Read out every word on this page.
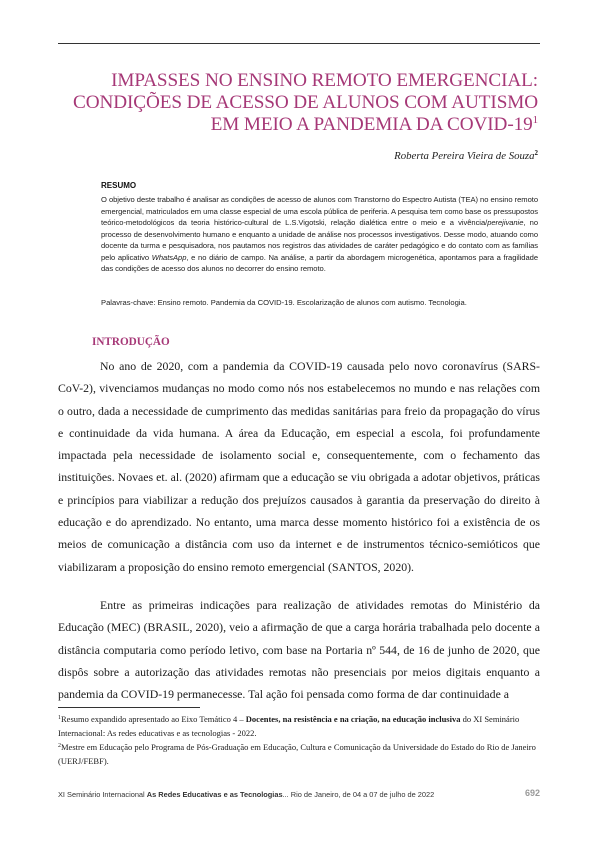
IMPASSES NO ENSINO REMOTO EMERGENCIAL: CONDIÇÕES DE ACESSO DE ALUNOS COM AUTISMO EM MEIO A PANDEMIA DA COVID-$19^1$
Roberta Pereira Vieira de Souza$^2$
RESUMO
O objetivo deste trabalho é analisar as condições de acesso de alunos com Transtorno do Espectro Autista (TEA) no ensino remoto emergencial, matriculados em uma classe especial de uma escola pública de periferia. A pesquisa tem como base os pressupostos teórico-metodológicos da teoria histórico-cultural de L.S.Vigotski, relação dialética entre o meio e a vivência/perejivanie, no processo de desenvolvimento humano e enquanto a unidade de análise nos processos investigativos. Desse modo, atuando como docente da turma e pesquisadora, nos pautamos nos registros das atividades de caráter pedagógico e do contato com as famílias pelo aplicativo WhatsApp, e no diário de campo. Na análise, a partir da abordagem microgenética, apontamos para a fragilidade das condições de acesso dos alunos no decorrer do ensino remoto.
Palavras-chave: Ensino remoto. Pandemia da COVID-19. Escolarização de alunos com autismo. Tecnologia.
INTRODUÇÃO

No ano de 2020, com a pandemia da COVID-19 causada pelo novo coronavírus (SARS-CoV-2), vivenciamos mudanças no modo como nós nos estabelecemos no mundo e nas relações com o outro, dada a necessidade de cumprimento das medidas sanitárias para freio da propagação do vírus e continuidade da vida humana. A área da Educação, em especial a escola, foi profundamente impactada pela necessidade de isolamento social e, consequentemente, com o fechamento das instituições. Novaes et. al. (2020) afirmam que a educação se viu obrigada a adotar objetivos, práticas e princípios para viabilizar a redução dos prejuízos causados à garantia da preservação do direito à educação e do aprendizado. No entanto, uma marca desse momento histórico foi a existência de os meios de comunicação a distância com uso da internet e de instrumentos técnico-semióticos que viabilizaram a proposição do ensino remoto emergencial (SANTOS, 2020).

Entre as primeiras indicações para realização de atividades remotas do Ministério da Educação (MEC) (BRASIL, 2020), veio a afirmação de que a carga horária trabalhada pelo docente a distância computaria como período letivo, com base na Portaria nº 544, de 16 de junho de 2020, que dispôs sobre a autorização das atividades remotas não presenciais por meios digitais enquanto a pandemia da COVID-19 permanecesse. Tal ação foi pensada como forma de dar continuidade a

$^1$Resumo expandido apresentado ao Eixo Temático 4 – Docentes, na resistência e na criação, na educação inclusiva do XI Seminário Internacional: As redes educativas e as tecnologias - 2022.
$^2$Mestre em Educação pelo Programa de Pós-Graduação em Educação, Cultura e Comunicação da Universidade do Estado do Rio de Janeiro (UERJ/FEBF).
XI Seminário Internacional As Redes Educativas e as Tecnologias... Rio de Janeiro, de 04 a 07 de julho de 2022	692
